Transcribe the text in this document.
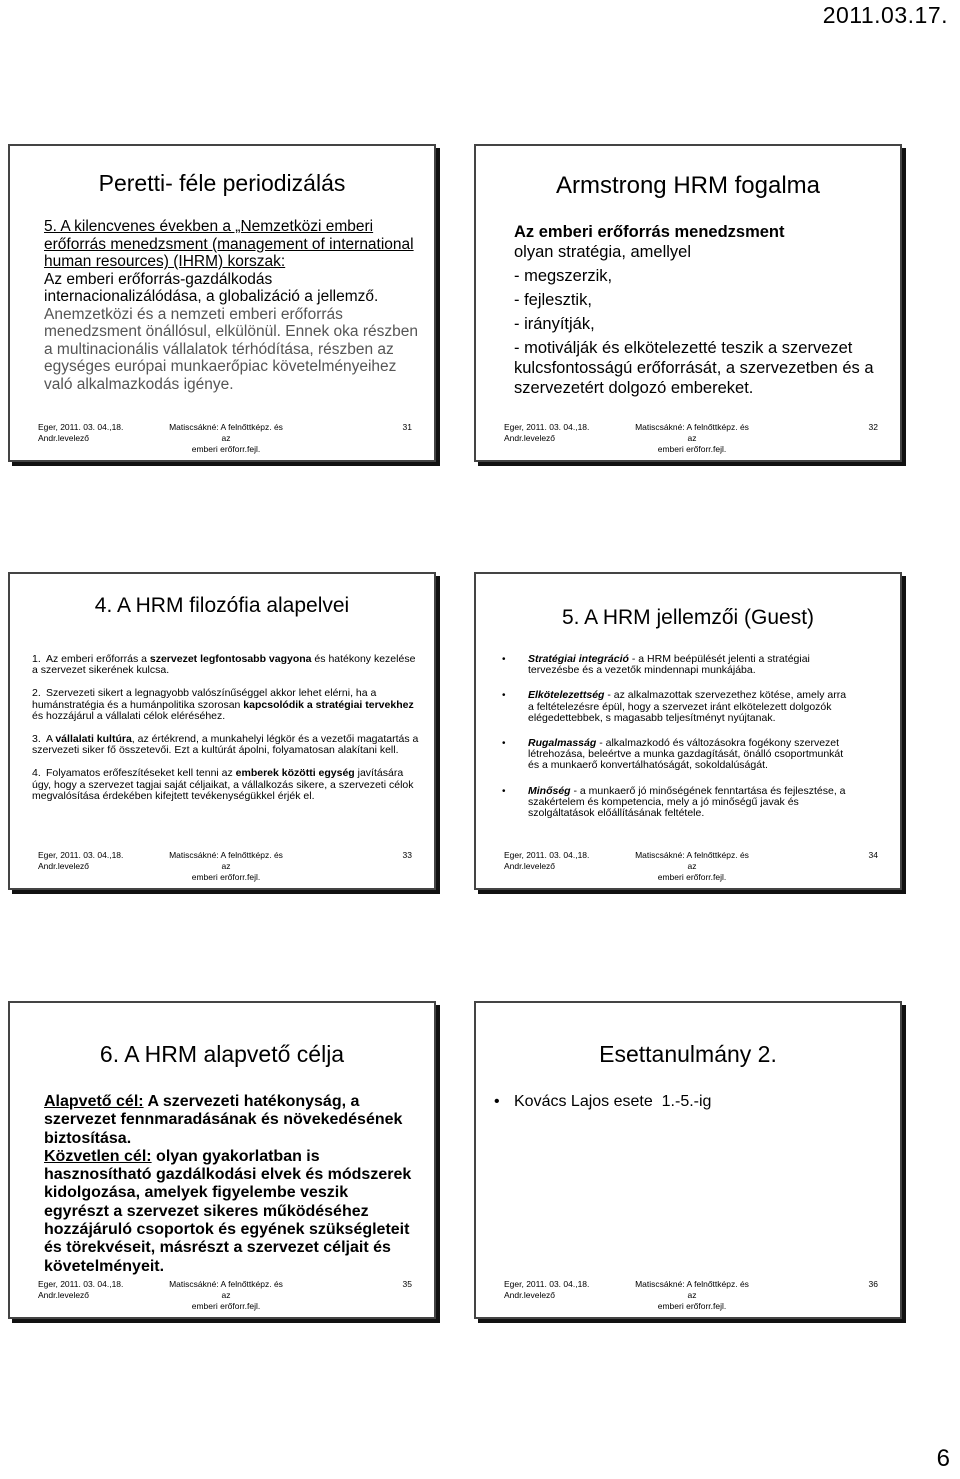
2011.03.17.
Peretti- féle periodizálás
5. A kilencvenes években a „Nemzetközi emberi erőforrás menedzsment (management of international human resources) (IHRM) korszak:
Az emberi erőforrás-gazdálkodás internacionalizálódása, a globalizáció a jellemző.
Anemzetközi és a nemzeti emberi erőforrás menedzsment önállósul, elkülönül. Ennek oka részben a multinacionális vállalatok térhódítása, részben az egységes európai munkaerőpiac követelményeihez való alkalmazkodás igénye.
Eger, 2011. 03. 04.,18.
Andr.levelező
Matiscsákné: A felnőttképz. és az
emberi erőforr.fejl.
31
Armstrong HRM fogalma
Az emberi erőforrás menedzsment
olyan stratégia, amellyel
- megszerzik,
- fejlesztik,
- irányítják,
- motiválják és elkötelezetté teszik a szervezet kulcsfontosságú erőforrását, a szervezetben és a szervezetért dolgozó embereket.
Eger, 2011. 03. 04.,18.
Andr.levelező
Matiscsákné: A felnőttképz. és az
emberi erőforr.fejl.
32
4. A HRM filozófia alapelvei
1. Az emberi erőforrás a szervezet legfontosabb vagyona és hatékony kezelése a szervezet sikerének kulcsa.
2. Szervezeti sikert a legnagyobb valószínűséggel akkor lehet elérni, ha a humánstratégia és a humánpolitika szorosan kapcsolódik a stratégiai tervekhez és hozzájárul a vállalati célok eléréséhez.
3. A vállalati kultúra, az értékrend, a munkahelyi légkör és a vezetői magatartás a szervezeti siker fő összetevői. Ezt a kultúrát ápolni, folyamatosan alakítani kell.
4. Folyamatos erőfeszítéseket kell tenni az emberek közötti egység javítására úgy, hogy a szervezet tagjai saját céljaikat, a vállalkozás sikere, a szervezeti célok megvalósítása érdekében kifejtett tevékenységükkel érjék el.
Eger, 2011. 03. 04.,18.
Andr.levelező
Matiscsákné: A felnőttképz. és az
emberi erőforr.fejl.
33
5. A HRM jellemzői (Guest)
• Stratégiai integráció - a HRM beépülését jelenti a stratégiai tervezésbe és a vezetők mindennapi munkájába.
• Elkötelezettség - az alkalmazottak szervezethez kötése, amely arra a feltételezésre épül, hogy a szervezet iránt elkötelezett dolgozók elégedettebbek, s magasabb teljesítményt nyújtanak.
• Rugalmasság - alkalmazkodó és változásokra fogékony szervezet létrehozása, beleértve a munka gazdagítását, önálló csoportmunkát és a munkaerő konvertálhatóságát, sokoldalúságát.
• Minőség - a munkaerő jó minőségének fenntartása és fejlesztése, a szakértelem és kompetencia, mely a jó minőségű javak és szolgáltatások előállításának feltétele.
Eger, 2011. 03. 04.,18.
Andr.levelező
Matiscsákné: A felnőttképz. és az
emberi erőforr.fejl.
34
6. A HRM alapvető célja
Alapvető cél: A szervezeti hatékonyság, a szervezet fennmaradásának és növekedésének biztosítása.
Közvetlen cél: olyan gyakorlatban is hasznosítható gazdálkodási elvek és módszerek kidolgozása, amelyek figyelembe veszik egyrészt a szervezet sikeres működéséhez hozzájáruló csoportok és egyének szükségleteit és törekvéseit, másrészt a szervezet céljait és követelményeit.
Eger, 2011. 03. 04.,18.
Andr.levelező
Matiscsákné: A felnőttképz. és az
emberi erőforr.fejl.
35
Esettanulmány 2.
• Kovács Lajos esete  1.-5.-ig
Eger, 2011. 03. 04.,18.
Andr.levelező
Matiscsákné: A felnőttképz. és az
emberi erőforr.fejl.
36
6
